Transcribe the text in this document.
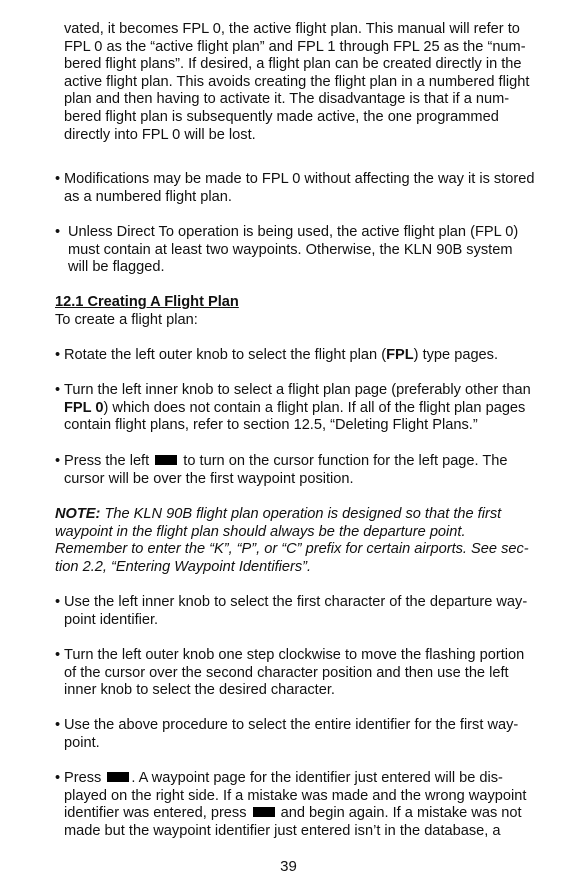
vated, it becomes FPL 0, the active flight plan. This manual will refer to
FPL 0 as the “active flight plan” and FPL 1 through FPL 25 as the “num-
bered flight plans”. If desired, a flight plan can be created directly in the
active flight plan. This avoids creating the flight plan in a numbered flight
plan and then having to activate it. The disadvantage is that if a num-
bered flight plan is subsequently made active, the one programmed
directly into FPL 0 will be lost.

• Modifications may be made to FPL 0 without affecting the way it is stored
as a numbered flight plan.

• Unless Direct To operation is being used, the active flight plan (FPL 0)
must contain at least two waypoints. Otherwise, the KLN 90B system
will be flagged.

12.1 Creating A Flight Plan

To create a flight plan:

• Rotate the left outer knob to select the flight plan (FPL) type pages.

• Turn the left inner knob to select a flight plan page (preferably other than
FPL 0) which does not contain a flight plan. If all of the flight plan pages
contain flight plans, refer to section 12.5, “Deleting Flight Plans.”

• Press the left to turn on the cursor function for the left page. The
cursor will be over the first waypoint position.

NOTE: The KLN 90B flight plan operation is designed so that the first
waypoint in the flight plan should always be the departure point.
Remember to enter the “K”, “P”, or “C” prefix for certain airports. See sec-
tion 2.2, “Entering Waypoint Identifiers”.

• Use the left inner knob to select the first character of the departure way-
point identifier.

• Turn the left outer knob one step clockwise to move the flashing portion
of the cursor over the second character position and then use the left
inner knob to select the desired character.

• Use the above procedure to select the entire identifier for the first way-
point.

• Press . A waypoint page for the identifier just entered will be dis-
played on the right side. If a mistake was made and the wrong waypoint
identifier was entered, press and begin again. If a mistake was not
made but the waypoint identifier just entered isn’t in the database, a

39
